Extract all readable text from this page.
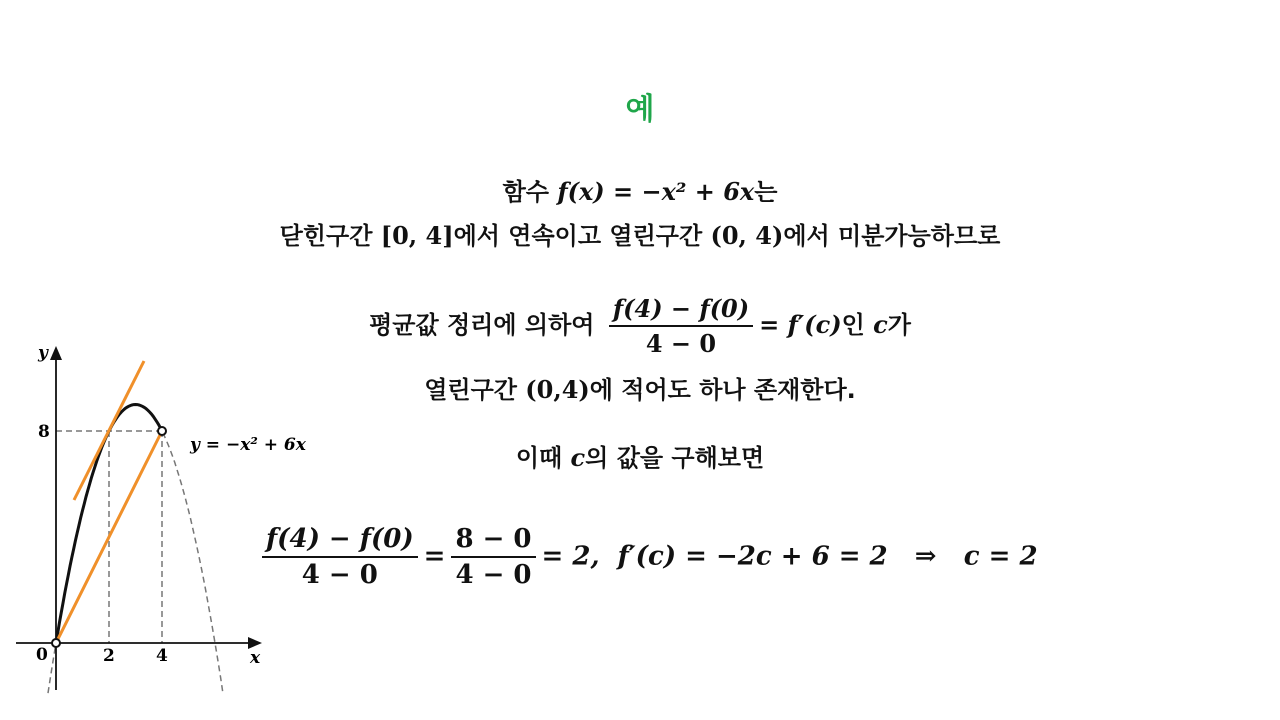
예
함수 f(x) = −x² + 6x는
닫힌구간 [0, 4]에서 연속이고 열린구간 (0, 4)에서 미분가능하므로
평균값 정리에 의하여 $\frac{f(4) - f(0)}{4 - 0} = f'(c)$인 c가
열린구간 (0,4)에 적어도 하나 존재한다.
이때 c의 값을 구해보면
$\frac{f(4) - f(0)}{4 - 0} = \frac{8 - 0}{4 - 0} = 2$,  f′(c) = −2c + 6 = 2   ⇒   c = 2
y
x
0	2 4
8
y = −x² + 6x
